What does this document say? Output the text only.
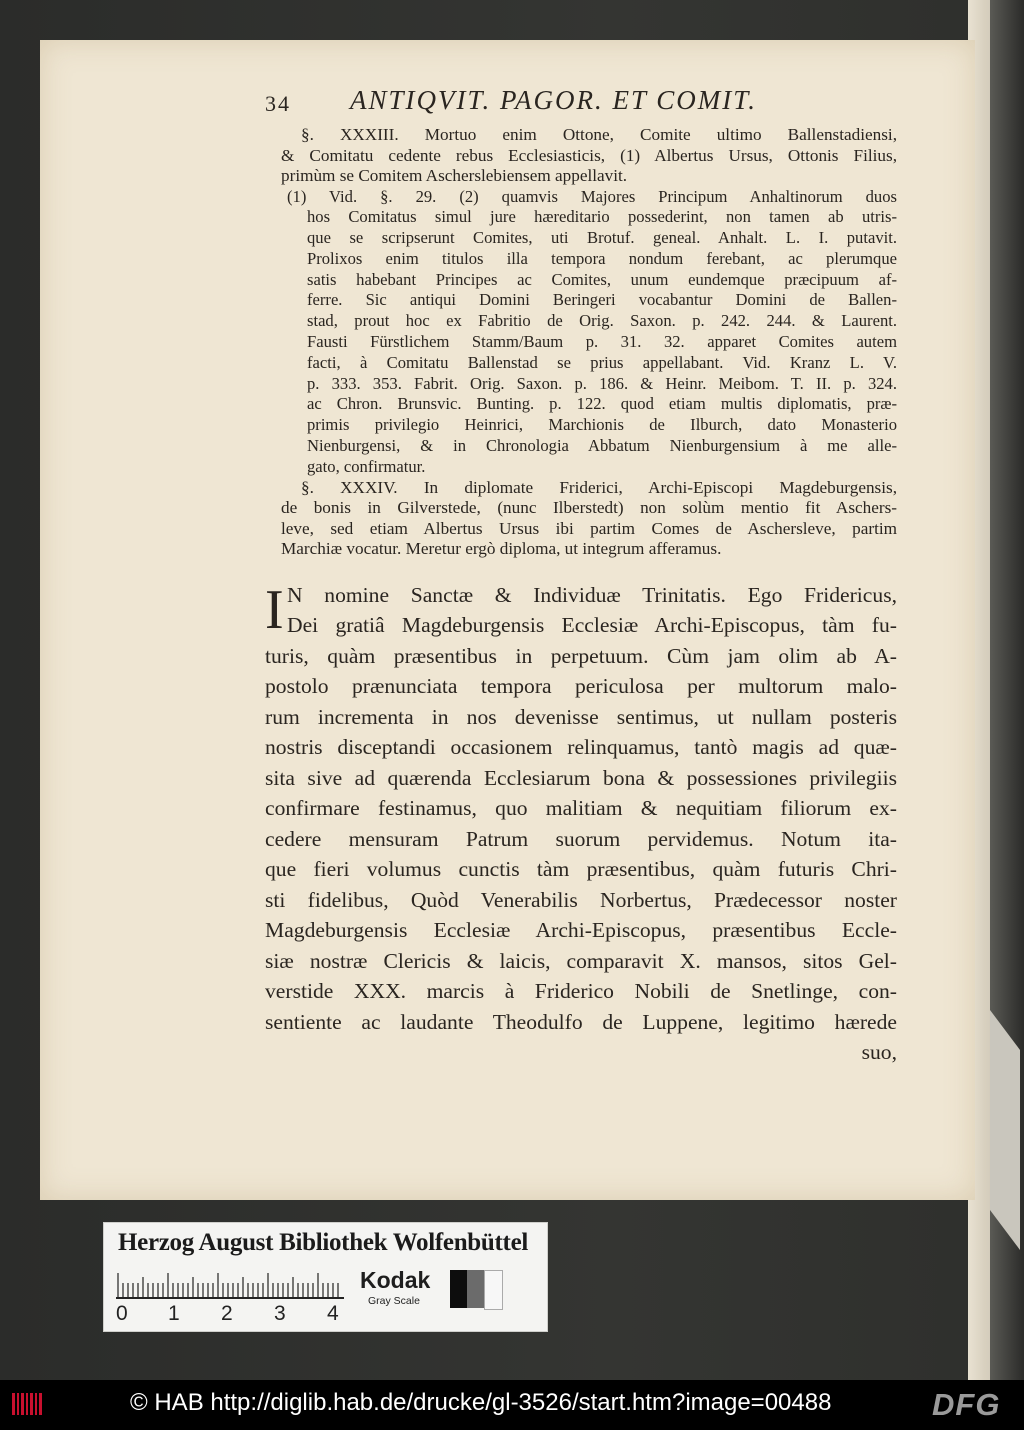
34 ANTIQVIT. PAGOR. ET COMIT.
§. XXXIII. Mortuo enim Ottone, Comite ultimo Ballenstadiensi,
& Comitatu cedente rebus Ecclesiasticis, (1) Albertus Ursus, Ottonis Filius,
primùm se Comitem Ascherslebiensem appellavit.
(1) Vid. §. 29. (2) quamvis Majores Principum Anhaltinorum duos
hos Comitatus simul jure hæreditario possederint, non tamen ab utris-
que se scripserunt Comites, uti Brotuf. geneal. Anhalt. L. I. putavit.
Prolixos enim titulos illa tempora nondum ferebant, ac plerumque
satis habebant Principes ac Comites, unum eundemque præcipuum af-
ferre. Sic antiqui Domini Beringeri vocabantur Domini de Ballen-
stad, prout hoc ex Fabritio de Orig. Saxon. p. 242. 244. & Laurent.
Fausti Fürstlichem Stamm/Baum p. 31. 32. apparet Comites autem
facti, à Comitatu Ballenstad se prius appellabant. Vid. Kranz L. V.
p. 333. 353. Fabrit. Orig. Saxon. p. 186. & Heinr. Meibom. T. II. p. 324.
ac Chron. Brunsvic. Bunting. p. 122. quod etiam multis diplomatis, præ-
primis privilegio Heinrici, Marchionis de Ilburch, dato Monasterio
Nienburgensi, & in Chronologia Abbatum Nienburgensium à me alle-
gato, confirmatur.
§. XXXIV. In diplomate Friderici, Archi-Episcopi Magdeburgensis,
de bonis in Gilverstede, (nunc Ilberstedt) non solùm mentio fit Aschers-
leve, sed etiam Albertus Ursus ibi partim Comes de Aschersleve, partim
Marchiæ vocatur. Meretur ergò diploma, ut integrum afferamus.
I N nomine Sanctæ & Individuæ Trinitatis. Ego Fridericus,
Dei gratiâ Magdeburgensis Ecclesiæ Archi-Episcopus, tàm fu-
turis, quàm præsentibus in perpetuum. Cùm jam olim ab A-
postolo prænunciata tempora periculosa per multorum malo-
rum incrementa in nos devenisse sentimus, ut nullam posteris
nostris disceptandi occasionem relinquamus, tantò magis ad quæ-
sita sive ad quærenda Ecclesiarum bona & possessiones privilegiis
confirmare festinamus, quo malitiam & nequitiam filiorum ex-
cedere mensuram Patrum suorum pervidemus. Notum ita-
que fieri volumus cunctis tàm præsentibus, quàm futuris Chri-
sti fidelibus, Quòd Venerabilis Norbertus, Prædecessor noster
Magdeburgensis Ecclesiæ Archi-Episcopus, præsentibus Eccle-
siæ nostræ Clericis & laicis, comparavit X. mansos, sitos Gel-
verstide XXX. marcis à Friderico Nobili de Snetlinge, con-
sentiente ac laudante Theodulfo de Luppene, legitimo hærede
suo,
Herzog August Bibliothek Wolfenbüttel
0 1 2 3 4
Kodak
Gray Scale
© HAB http://diglib.hab.de/drucke/gl-3526/start.htm?image=00488	DFG
